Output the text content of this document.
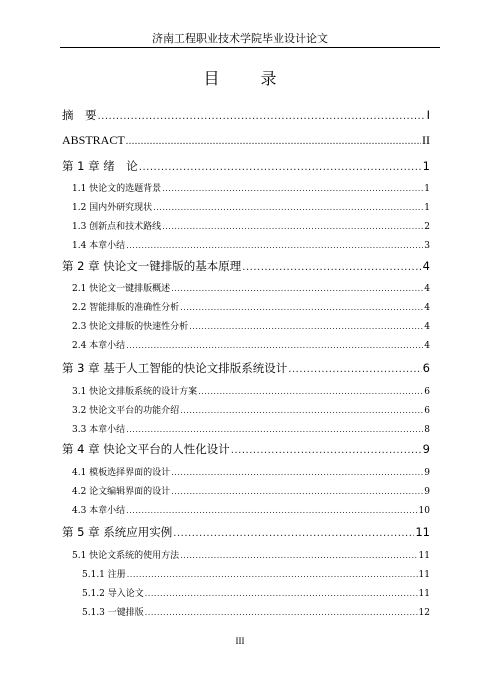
济南工程职业技术学院毕业设计论文
目 录
摘　要 .....	I
ABSTRACT .....	II
第 1 章 绪　论 .....	1
1.1 快论文的选题背景 .....	1
1.2 国内外研究现状 .....	1
1.3 创新点和技术路线 .....	2
1.4 本章小结 .....	3
第 2 章 快论文一键排版的基本原理 .....	4
2.1 快论文一键排版概述 .....	4
2.2 智能排版的准确性分析 .....	4
2.3 快论文排版的快速性分析 .....	4
2.4 本章小结 .....	4
第 3 章 基于人工智能的快论文排版系统设计 .....	6
3.1 快论文排版系统的设计方案 .....	6
3.2 快论文平台的功能介绍 .....	6
3.3 本章小结 .....	8
第 4 章 快论文平台的人性化设计 .....	9
4.1 模板选择界面的设计 .....	9
4.2 论文编辑界面的设计 .....	9
4.3 本章小结 .....	10
第 5 章 系统应用实例 .....	11
5.1 快论文系统的使用方法 .....	11
5.1.1 注册 .....	11
5.1.2 导入论文 .....	11
5.1.3 一键排版 .....	12
III
